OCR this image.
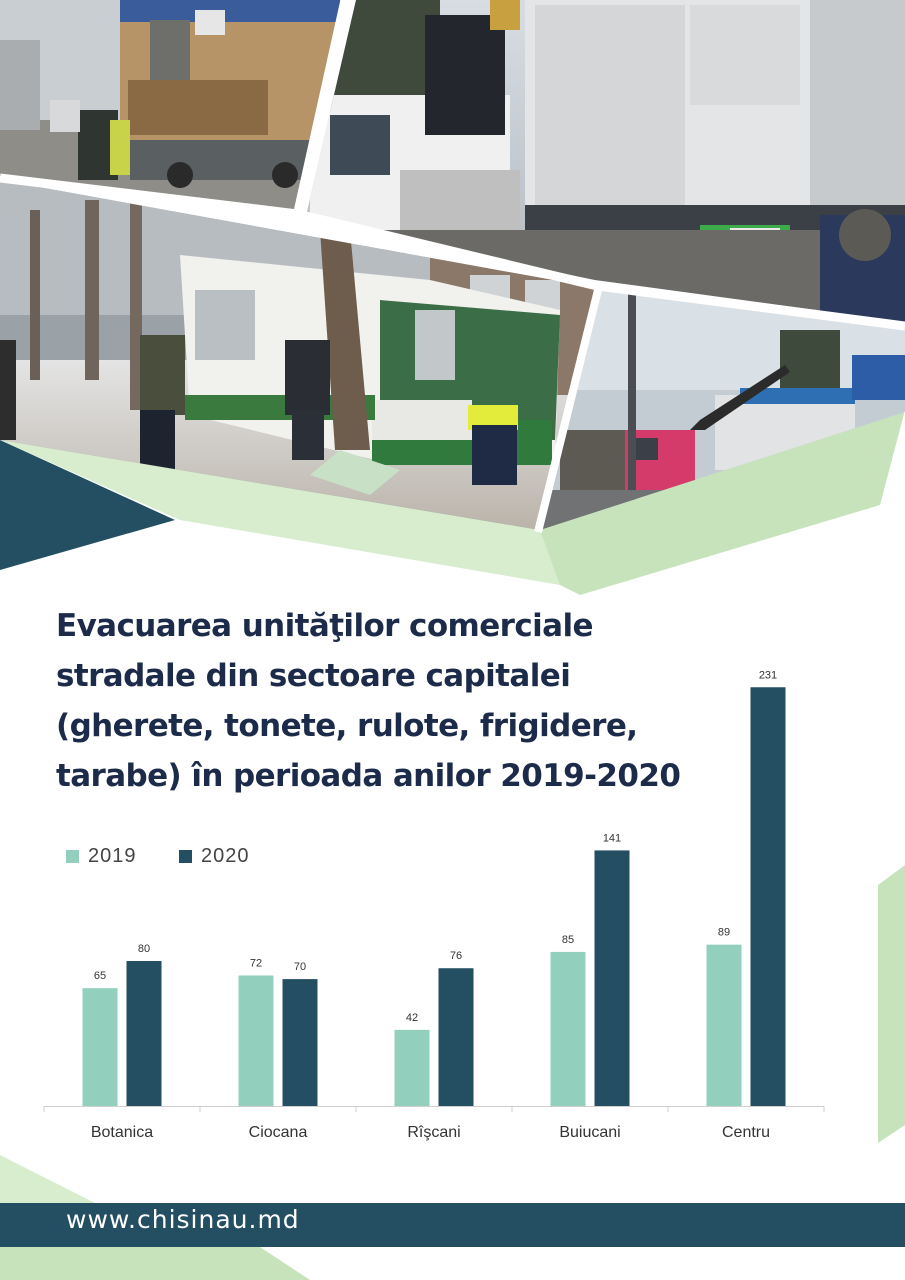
Evacuarea unităţilor comerciale
stradale din sectoare capitalei
(gherete, tonete, rulote, frigidere,
tarabe) în perioada anilor 2019-2020
2019	2020
65
80
Botanica
72	70
Ciocana
42
76
Rîşcani
85
141
Buiucani
89
231
Centru
www.chisinau.md
